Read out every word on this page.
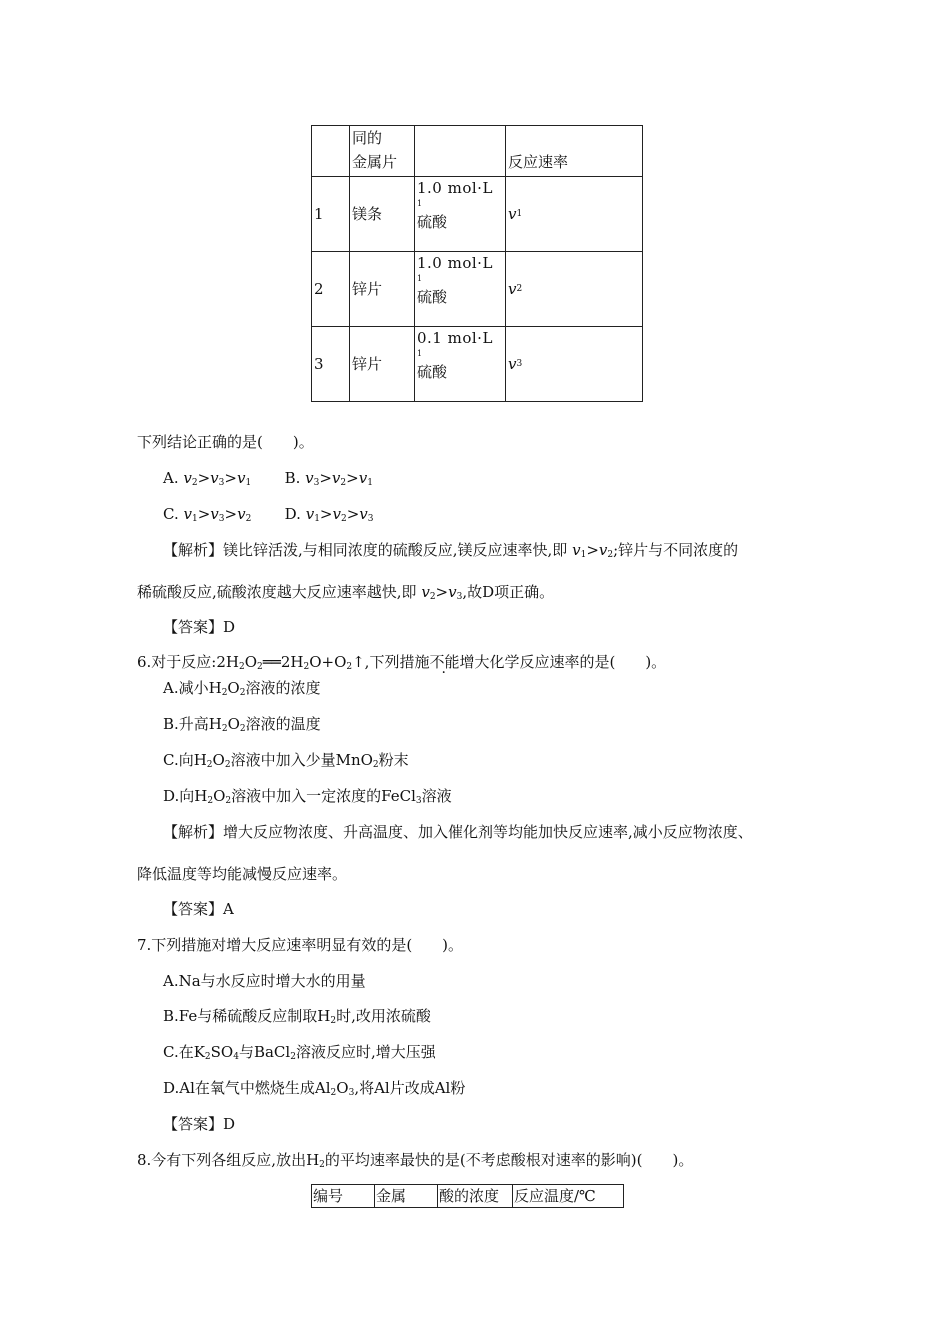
	同的
金属片		反应速率

1	镁条	1.0 mol·L
1
硫酸	v 1

2	锌片	1.0 mol·L
1
硫酸	v 2

3	锌片	0.1 mol·L
1
硫酸	v 3
下列结论正确的是(　　)。
A. $v_2>v_3>v_1$       B. $v_3>v_2>v_1$
C. $v_1>v_3>v_2$       D. $v_1>v_2>v_3$
【解析】镁比锌活泼,与相同浓度的硫酸反应,镁反应速率快,即 $v_1>v_2$;锌片与不同浓度的
稀硫酸反应,硫酸浓度越大反应速率越快,即 $v_2>v_3$,故D项正确。
【答案】D
6.对于反应$:2H_2O_2══2H_2O+O_2↑$,下列措施不能增大化学反应速率的是(　　)。
A.减小$H_2O_2$溶液的浓度
B.升高$H_2O_2$溶液的温度
C.向$H_2O_2$溶液中加入少量MnO$_2$粉末
D.向$H_2O_2$溶液中加入一定浓度的FeCl$_3$溶液
【解析】增大反应物浓度、升高温度、加入催化剂等均能加快反应速率,减小反应物浓度、
降低温度等均能减慢反应速率。
【答案】A
7.下列措施对增大反应速率明显有效的是(　　)。
A.Na与水反应时增大水的用量
B.Fe与稀硫酸反应制取$H_2$时,改用浓硫酸
C.在$K_2SO_4$与BaCl$_2$溶液反应时,增大压强
D.Al在氧气中燃烧生成$Al_2O_3$,将Al片改成Al粉
【答案】D
8.今有下列各组反应,放出$H_2$的平均速率最快的是(不考虑酸根对速率的影响)(　　)。
编号	金属	酸的浓度	反应温度/℃
